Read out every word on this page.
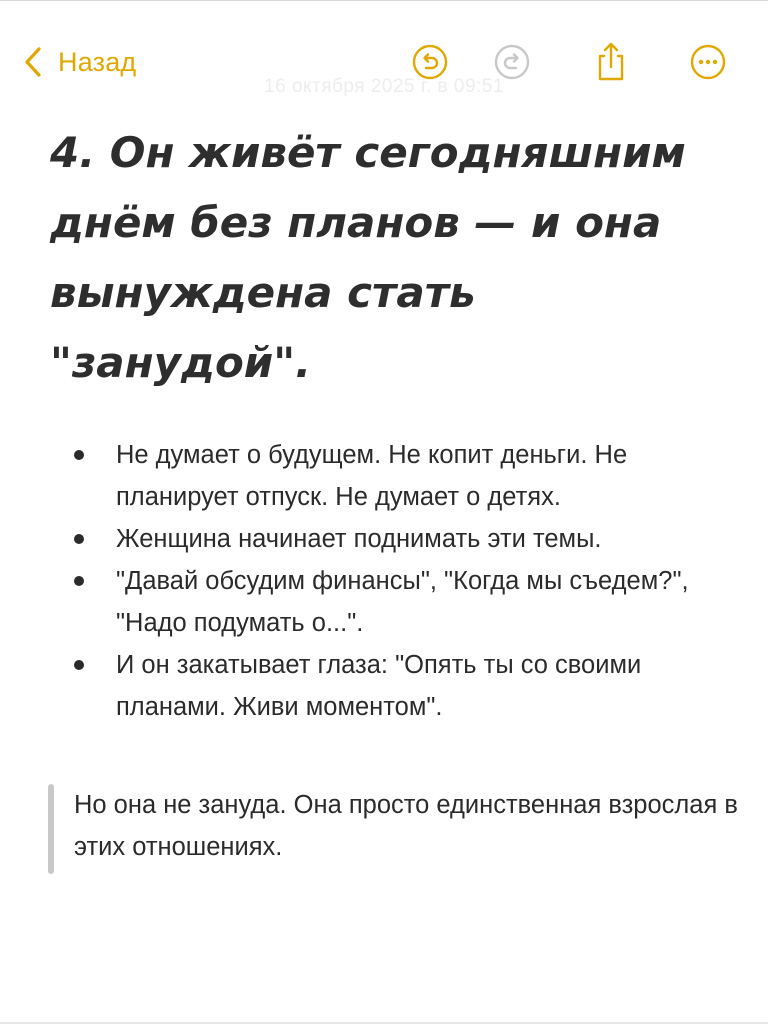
Назад
16 октября 2025 г. в 09:51
4. Он живёт сегодняшним днём без планов — и она вынуждена стать "занудой".
Не думает о будущем. Не копит деньги. Не планирует отпуск. Не думает о детях.
Женщина начинает поднимать эти темы.
"Давай обсудим финансы", "Когда мы съедем?", "Надо подумать о...".
И он закатывает глаза: "Опять ты со своими планами. Живи моментом".
Но она не зануда. Она просто единственная взрослая в этих отношениях.
